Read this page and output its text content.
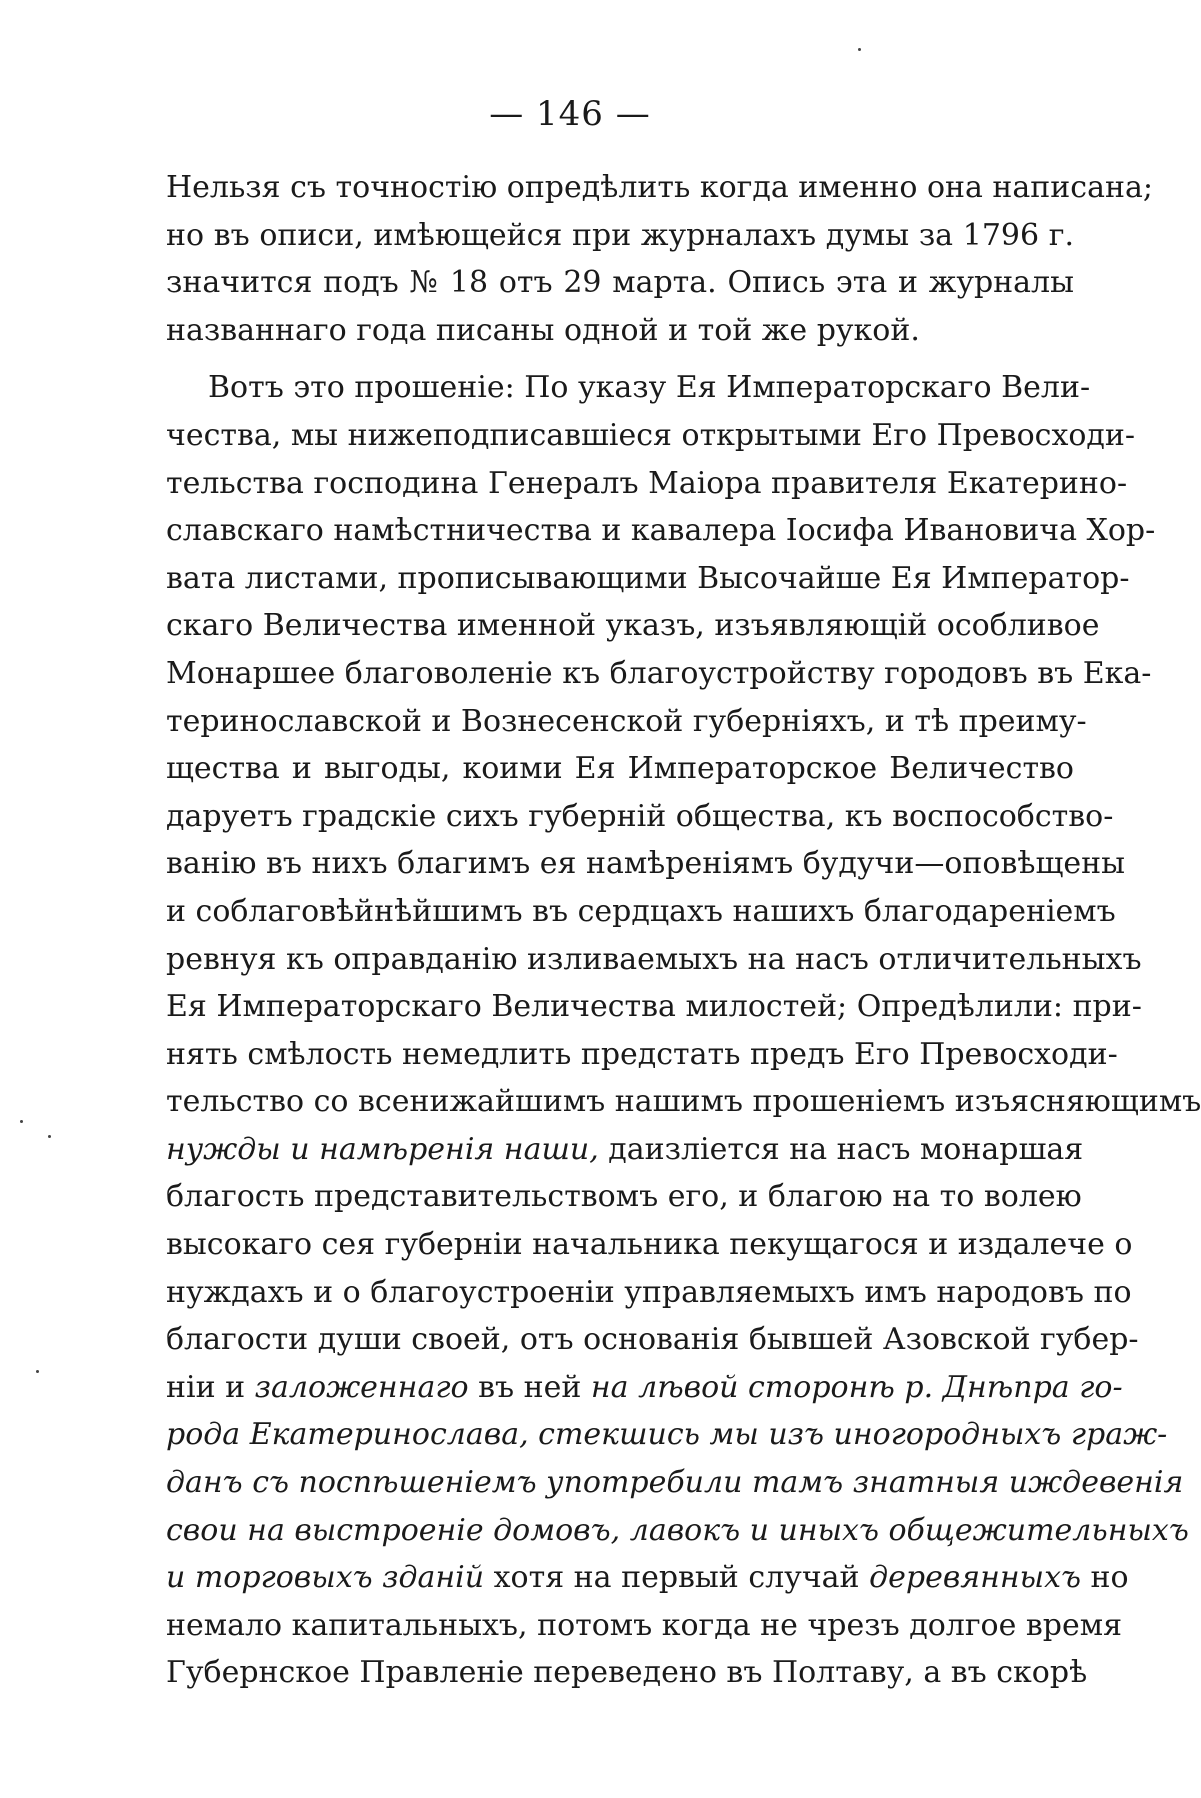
— 146 —
Нельзя съ точностію опредѣлить когда именно она написана;
но въ описи, имѣющейся при журналахъ думы за 1796 г.
значится подъ № 18 отъ 29 марта. Опись эта и журналы
названнаго года писаны одной и той же рукой.
Вотъ это прошеніе: По указу Ея Императорскаго Вели-
чества, мы нижеподписавшіеся открытыми Его Превосходи-
тельства господина Генералъ Маіора правителя Екатерино-
славскаго намѣстничества и кавалера Іосифа Ивановича Хор-
вата листами, прописывающими Высочайше Ея Император-
скаго Величества именной указъ, изъявляющій особливое
Монаршее благоволеніе къ благоустройству городовъ въ Ека-
теринославской и Вознесенской губерніяхъ, и тѣ преиму-
щества и выгоды, коими Ея Императорское Величество
даруетъ градскіе сихъ губерній общества, къ воспособство-
ванію въ нихъ благимъ ея намѣреніямъ будучи—оповѣщены
и соблаговѣйнѣйшимъ въ сердцахъ нашихъ благодареніемъ
ревнуя къ оправданію изливаемыхъ на насъ отличительныхъ
Ея Императорскаго Величества милостей; Опредѣлили: при-
нять смѣлость немедлить предстать предъ Его Превосходи-
тельство со всенижайшимъ нашимъ прошеніемъ изъясняющимъ
нужды и намѣренія наши, даизліется на насъ монаршая
благость представительствомъ его, и благою на то волею
высокаго сея губерніи начальника пекущагося и издалече о
нуждахъ и о благоустроеніи управляемыхъ имъ народовъ по
благости души своей, отъ основанія бывшей Азовской губер-
ніи и заложеннаго въ ней на лѣвой сторонѣ р. Днѣпра го-
рода Екатеринослава, стекшись мы изъ иногородныхъ граж-
данъ съ поспѣшеніемъ употребили тамъ знатныя иждевенія
свои на выстроеніе домовъ, лавокъ и иныхъ общежительныхъ
и торговыхъ зданій хотя на первый случай деревянныхъ но
немало капитальныхъ, потомъ когда не чрезъ долгое время
Губернское Правленіе переведено въ Полтаву, а въ скорѣ
